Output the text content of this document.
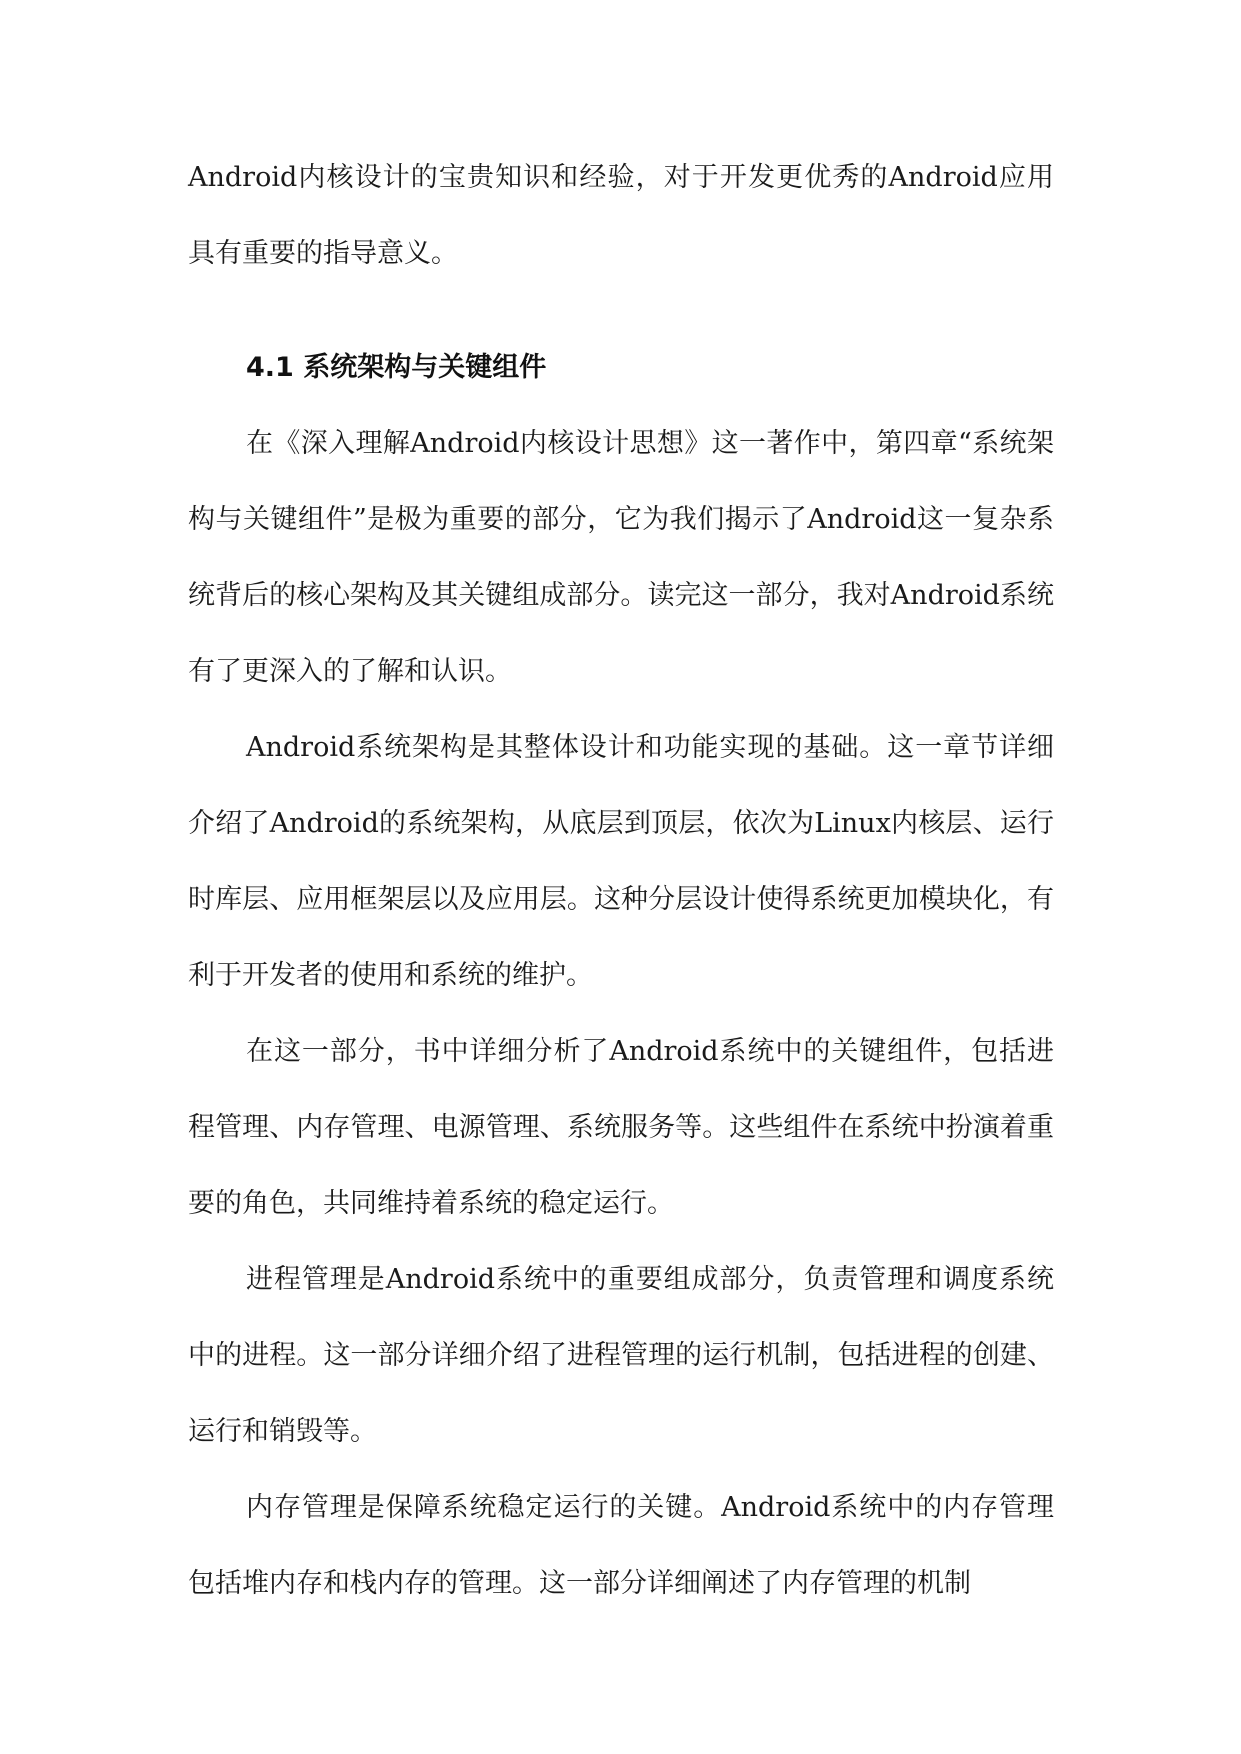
Android内核设计的宝贵知识和经验，对于开发更优秀的Android应用具有重要的指导意义。

4.1 系统架构与关键组件

在《深入理解Android内核设计思想》这一著作中，第四章“系统架构与关键组件”是极为重要的部分，它为我们揭示了Android这一复杂系统背后的核心架构及其关键组成部分。读完这一部分，我对Android系统有了更深入的了解和认识。

Android系统架构是其整体设计和功能实现的基础。这一章节详细介绍了Android的系统架构，从底层到顶层，依次为Linux内核层、运行时库层、应用框架层以及应用层。这种分层设计使得系统更加模块化，有利于开发者的使用和系统的维护。

在这一部分，书中详细分析了Android系统中的关键组件，包括进程管理、内存管理、电源管理、系统服务等。这些组件在系统中扮演着重要的角色，共同维持着系统的稳定运行。

进程管理是Android系统中的重要组成部分，负责管理和调度系统中的进程。这一部分详细介绍了进程管理的运行机制，包括进程的创建、运行和销毁等。

内存管理是保障系统稳定运行的关键。Android系统中的内存管理包括堆内存和栈内存的管理。这一部分详细阐述了内存管理的机制
